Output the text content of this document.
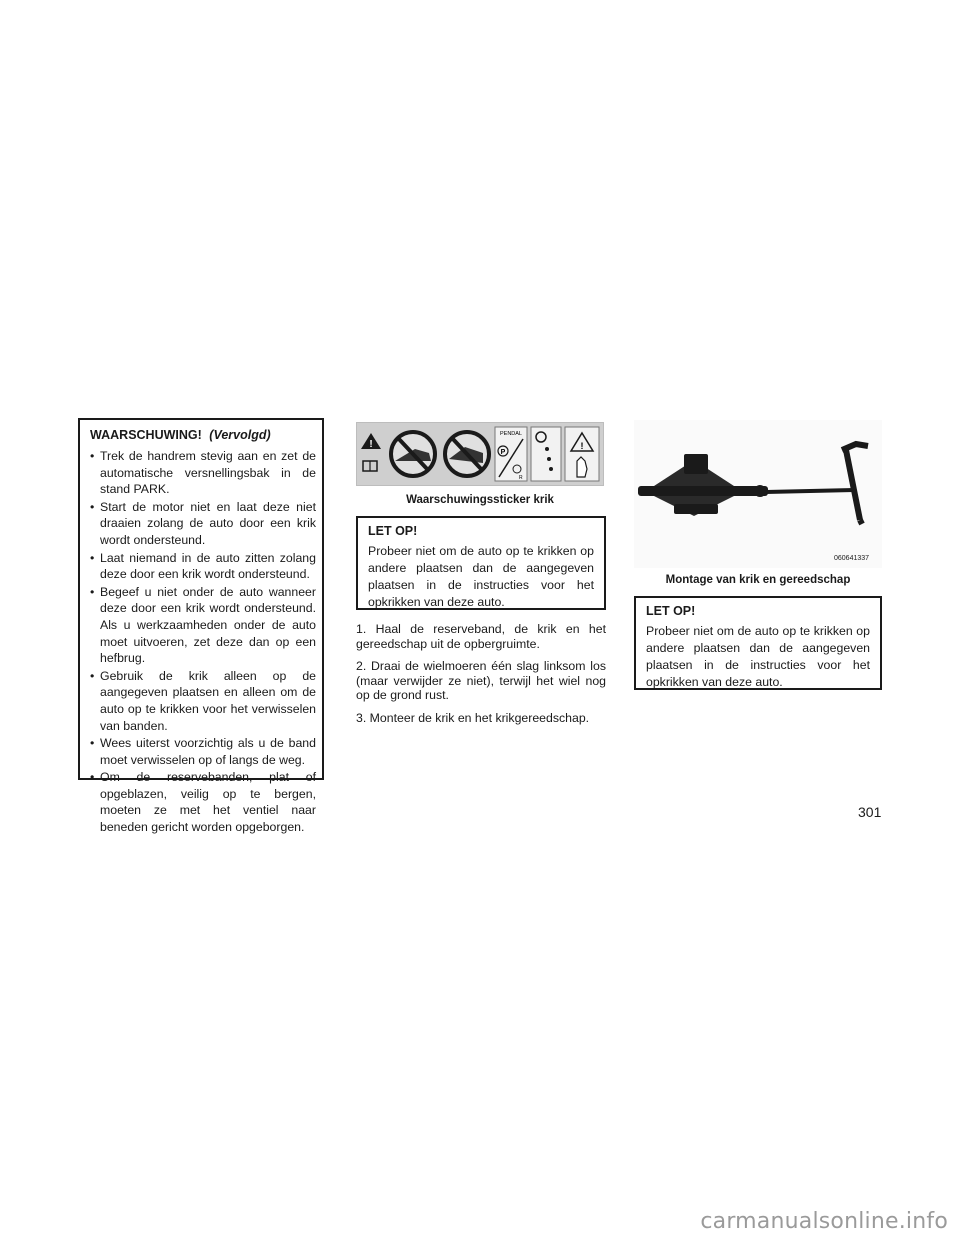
WAARSCHUWING! (Vervolgd)
• Trek de handrem stevig aan en zet de automatische versnellingsbak in de stand PARK.
• Start de motor niet en laat deze niet draaien zolang de auto door een krik wordt ondersteund.
• Laat niemand in de auto zitten zolang deze door een krik wordt ondersteund.
• Begeef u niet onder de auto wanneer deze door een krik wordt ondersteund. Als u werkzaamheden onder de auto moet uitvoeren, zet deze dan op een hefbrug.
• Gebruik de krik alleen op de aangegeven plaatsen en alleen om de auto op te krikken voor het verwisselen van banden.
• Wees uiterst voorzichtig als u de band moet verwisselen op of langs de weg.
• Om de reservebanden, plat of opgeblazen, veilig op te bergen, moeten ze met het ventiel naar beneden gericht worden opgeborgen.
!
PENDAL
P
R
!
Waarschuwingssticker krik
LET OP!
Probeer niet om de auto op te krikken op andere plaatsen dan de aangegeven plaatsen in de instructies voor het opkrikken van deze auto.
1. Haal de reserveband, de krik en het gereedschap uit de opbergruimte.
2. Draai de wielmoeren één slag linksom los (maar verwijder ze niet), terwijl het wiel nog op de grond rust.
3. Monteer de krik en het krikgereedschap.
060641337
Montage van krik en gereedschap
LET OP!
Probeer niet om de auto op te krikken op andere plaatsen dan de aangegeven plaatsen in de instructies voor het opkrikken van deze auto.
301
carmanualsonline.info
